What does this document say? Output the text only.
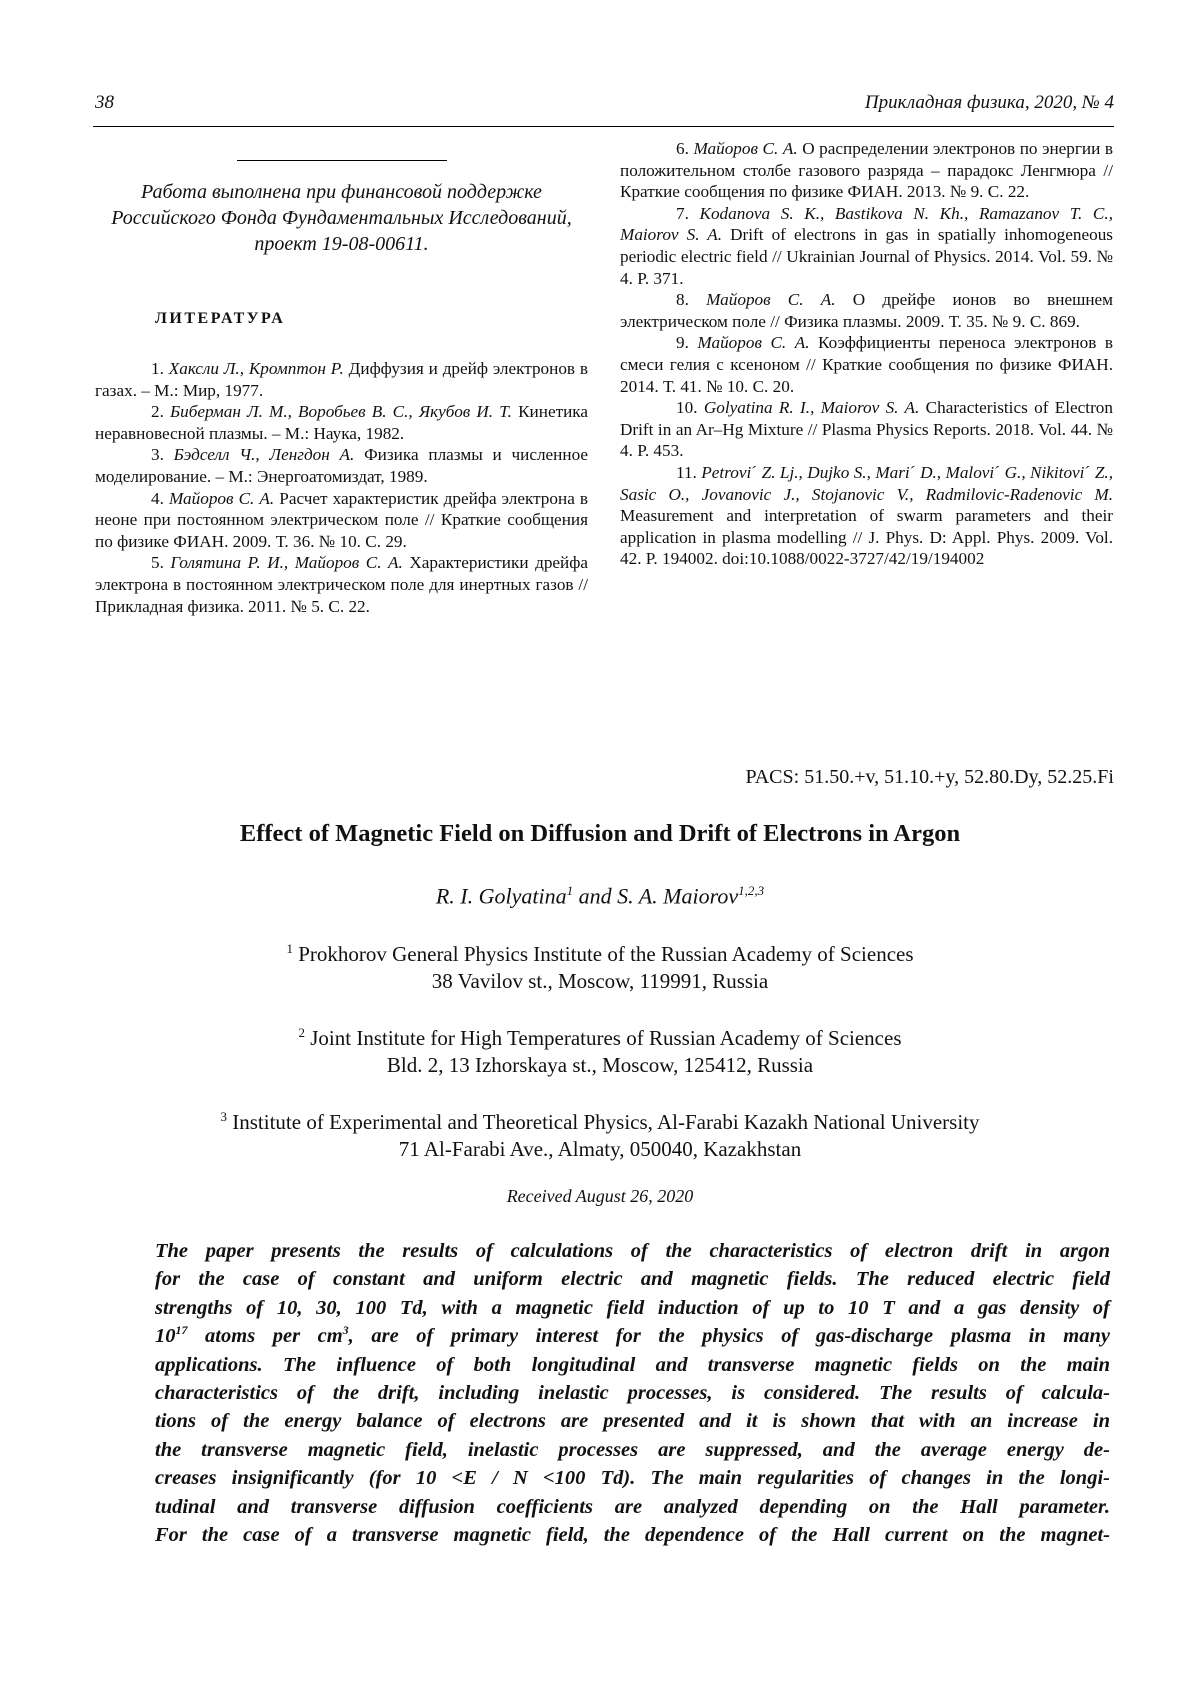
38	Прикладная физика, 2020, № 4
Работа выполнена при финансовой поддержке Российского Фонда Фундаментальных Исследований, проект 19-08-00611.
ЛИТЕРАТУРА

1. Хаксли Л., Кромптон Р. Диффузия и дрейф электронов в газах. – М.: Мир, 1977.

2. Биберман Л. М., Воробьев В. С., Якубов И. Т. Кинетика неравновесной плазмы. – М.: Наука, 1982.

3. Бэдселл Ч., Ленгдон А. Физика плазмы и численное моделирование. – М.: Энергоатомиздат, 1989.

4. Майоров С. А. Расчет характеристик дрейфа электрона в неоне при постоянном электрическом поле // Краткие сообщения по физике ФИАН. 2009. Т. 36. № 10. С. 29.

5. Голятина Р. И., Майоров С. А. Характеристики дрейфа электрона в постоянном электрическом поле для инертных газов // Прикладная физика. 2011. № 5. С. 22.

6. Майоров С. А. О распределении электронов по энергии в положительном столбе газового разряда – парадокс Ленгмюра // Краткие сообщения по физике ФИАН. 2013. № 9. С. 22.

7. Kodanova S. K., Bastikova N. Kh., Ramazanov T. C., Maiorov S. A. Drift of electrons in gas in spatially inhomogeneous periodic electric field // Ukrainian Journal of Physics. 2014. Vol. 59. № 4. P. 371.

8. Майоров С. А. О дрейфе ионов во внешнем электрическом поле // Физика плазмы. 2009. Т. 35. № 9. С. 869.

9. Майоров С. А. Коэффициенты переноса электронов в смеси гелия с ксеноном // Краткие сообщения по физике ФИАН. 2014. Т. 41. № 10. С. 20.

10. Golyatina R. I., Maiorov S. A. Characteristics of Electron Drift in an Ar–Hg Mixture // Plasma Physics Reports. 2018. Vol. 44. № 4. P. 453.

11. Petroviˊ Z. Lj., Dujko S., Mariˊ D., Maloviˊ G., Nikitoviˊ Z., Sasic O., Jovanovic J., Stojanovic V., Radmilovic-Radenovic M. Measurement and interpretation of swarm parameters and their application in plasma modelling // J. Phys. D: Appl. Phys. 2009. Vol. 42. P. 194002. doi:10.1088/0022-3727/42/19/194002

PACS: 51.50.+v, 51.10.+y, 52.80.Dy, 52.25.Fi
Effect of Magnetic Field on Diffusion and Drift of Electrons in Argon
R. I. Golyatina$^1$ and S. A. Maiorov$^{1,2,3}$
$^1$ Prokhorov General Physics Institute of the Russian Academy of Sciences
38 Vavilov st., Moscow, 119991, Russia
$^2$ Joint Institute for High Temperatures of Russian Academy of Sciences
Bld. 2, 13 Izhorskaya st., Moscow, 125412, Russia
$^3$ Institute of Experimental and Theoretical Physics, Al-Farabi Kazakh National University
71 Al-Farabi Ave., Almaty, 050040, Kazakhstan
Received August 26, 2020
The paper presents the results of calculations of the characteristics of electron drift in argon
for the case of constant and uniform electric and magnetic fields. The reduced electric field
strengths of 10, 30, 100 Td, with a magnetic field induction of up to 10 T and a gas density of
$10^{17}$ atoms per $cm^3$, are of primary interest for the physics of gas-discharge plasma in many
applications. The influence of both longitudinal and transverse magnetic fields on the main
characteristics of the drift, including inelastic processes, is considered. The results of calcula-
tions of the energy balance of electrons are presented and it is shown that with an increase in
the transverse magnetic field, inelastic processes are suppressed, and the average energy de-
creases insignificantly (for 10 <E / N <100 Td). The main regularities of changes in the longi-
tudinal and transverse diffusion coefficients are analyzed depending on the Hall parameter.
For the case of a transverse magnetic field, the dependence of the Hall current on the magnet-
